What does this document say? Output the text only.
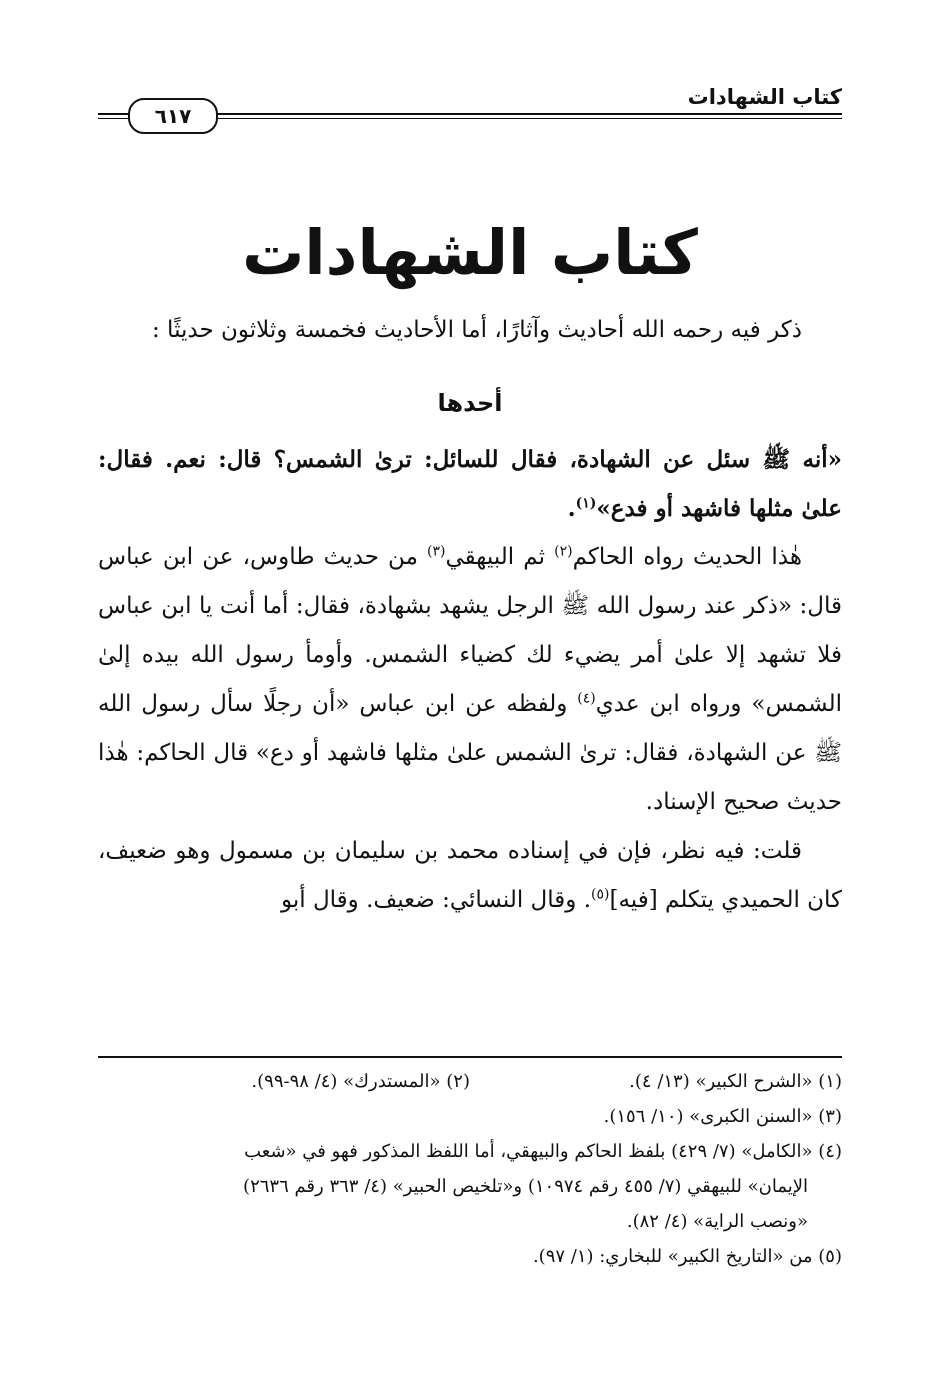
كتاب الشهادات
٦١٧
كتاب الشهادات

ذكر فيه رحمه الله أحاديث وآثارًا، أما الأحاديث فخمسة وثلاثون حديثًا :

أحدها

«أنه ﷺ سئل عن الشهادة، فقال للسائل: ترىٰ الشمس؟ قال: نعم. فقال: علىٰ مثلها فاشهد أو فدع»$^{(١)}$.

هٰذا الحديث رواه الحاكم$^{(٢)}$ ثم البيهقي$^{(٣)}$ من حديث طاوس، عن ابن عباس قال: «ذكر عند رسول الله ﷺ الرجل يشهد بشهادة، فقال: أما أنت يا ابن عباس فلا تشهد إلا علىٰ أمر يضيء لك كضياء الشمس. وأومأ رسول الله بيده إلىٰ الشمس» ورواه ابن عدي$^{(٤)}$ ولفظه عن ابن عباس «أن رجلًا سأل رسول الله ﷺ عن الشهادة، فقال: ترىٰ الشمس علىٰ مثلها فاشهد أو دع» قال الحاكم: هٰذا حديث صحيح الإسناد.

قلت: فيه نظر، فإن في إسناده محمد بن سليمان بن مسمول وهو ضعيف، كان الحميدي يتكلم [فيه]$^{(٥)}$. وقال النسائي: ضعيف. وقال أبو

(١) «الشرح الكبير» (١٣/ ٤).
(٢) «المستدرك» (٤/ ٩٨-٩٩).
(٣) «السنن الكبرى» (١٠/ ١٥٦).
(٤) «الكامل» (٧/ ٤٢٩) بلفظ الحاكم والبيهقي، أما اللفظ المذكور فهو في «شعب
الإيمان» للبيهقي (٧/ ٤٥٥ رقم ١٠٩٧٤) و«تلخيص الحبير» (٤/ ٣٦٣ رقم ٢٦٣٦)
«ونصب الراية» (٤/ ٨٢).
(٥) من «التاريخ الكبير» للبخاري: (١/ ٩٧).
